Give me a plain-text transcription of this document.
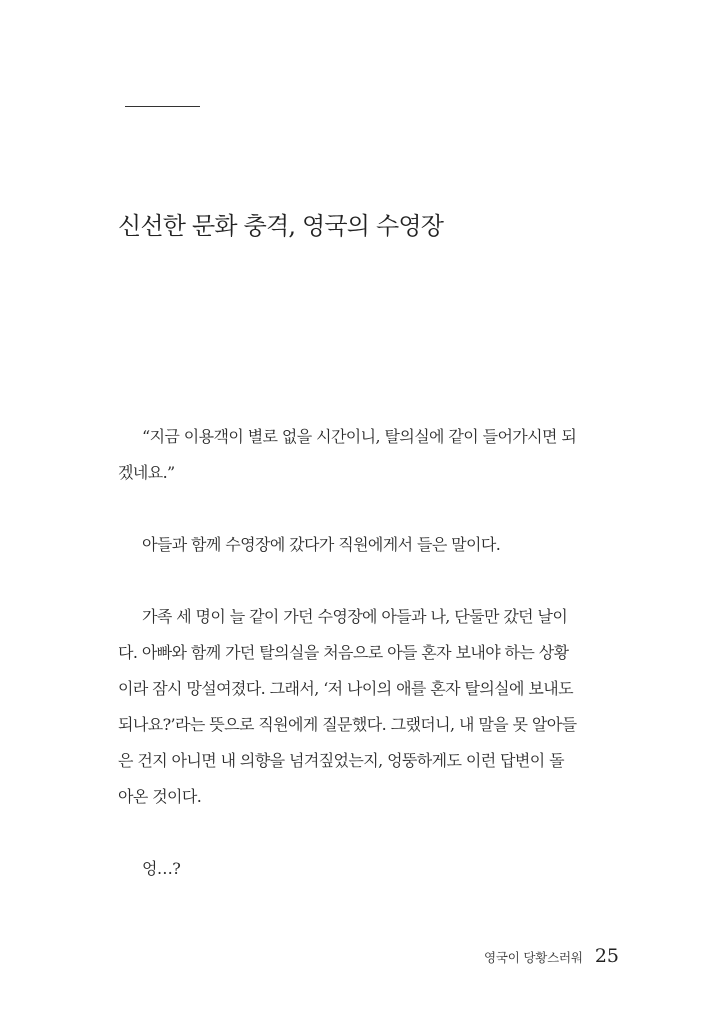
신선한 문화 충격, 영국의 수영장

“지금 이용객이 별로 없을 시간이니, 탈의실에 같이 들어가시면 되
겠네요.”

아들과 함께 수영장에 갔다가 직원에게서 들은 말이다.

가족 세 명이 늘 같이 가던 수영장에 아들과 나, 단둘만 갔던 날이
다. 아빠와 함께 가던 탈의실을 처음으로 아들 혼자 보내야 하는 상황
이라 잠시 망설여졌다. 그래서, ‘저 나이의 애를 혼자 탈의실에 보내도
되나요?’라는 뜻으로 직원에게 질문했다. 그랬더니, 내 말을 못 알아들
은 건지 아니면 내 의향을 넘겨짚었는지, 엉뚱하게도 이런 답변이 돌
아온 것이다.

엉…?

영국이 당황스러워 25
